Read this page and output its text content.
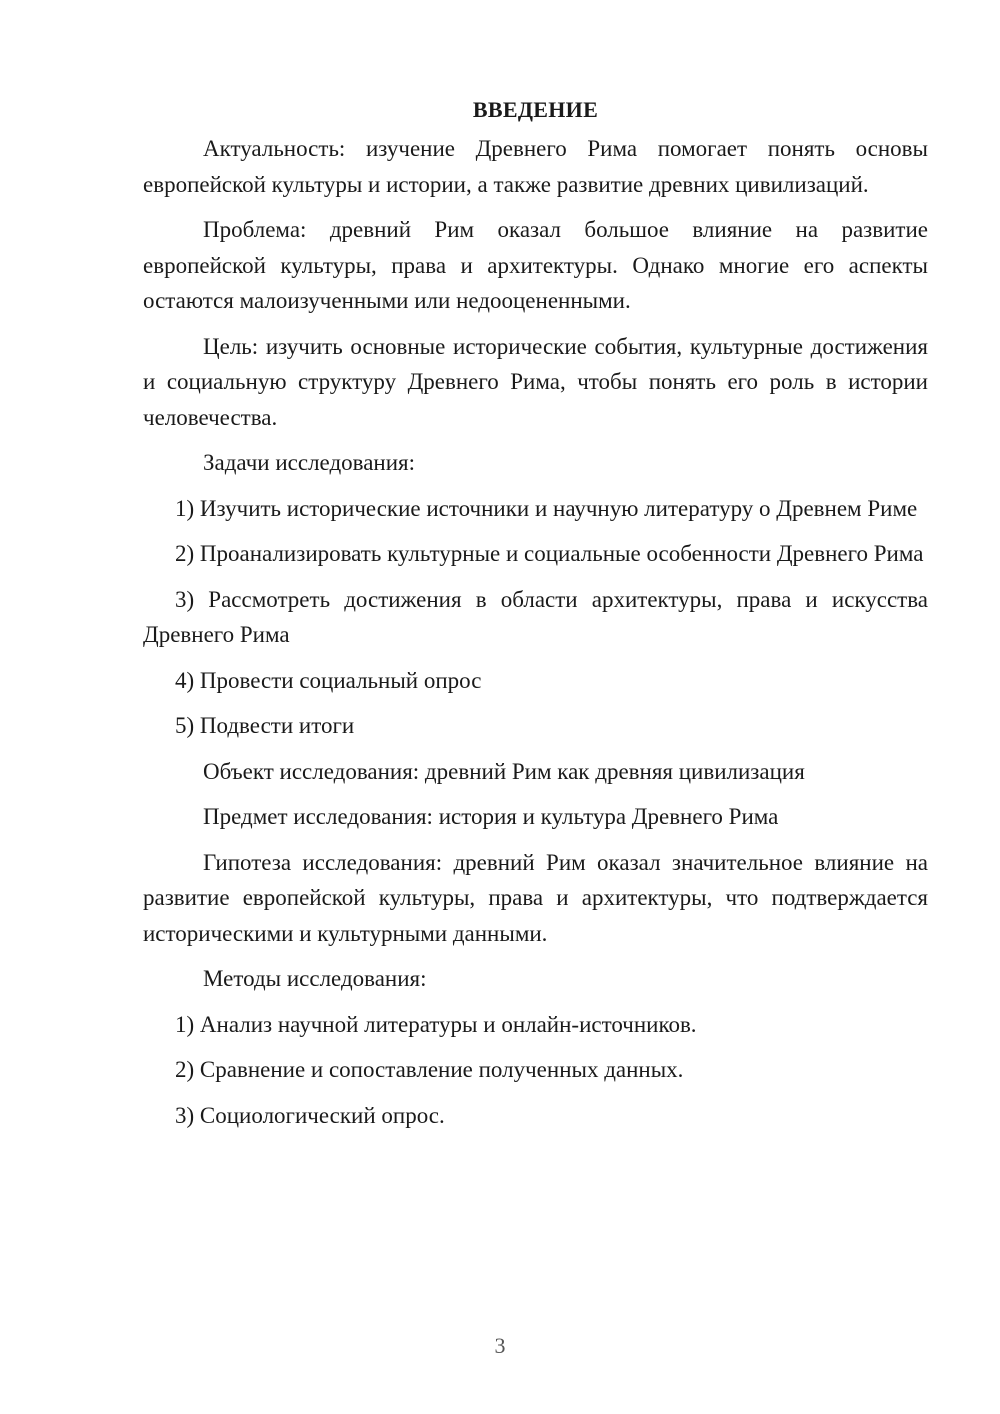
ВВЕДЕНИЕ

Актуальность: изучение Древнего Рима помогает понять основы европейской культуры и истории, а также развитие древних цивилизаций.

Проблема: древний Рим оказал большое влияние на развитие европейской культуры, права и архитектуры. Однако многие его аспекты остаются малоизученными или недооцененными.

Цель: изучить основные исторические события, культурные достижения и социальную структуру Древнего Рима, чтобы понять его роль в истории человечества.

Задачи исследования:

1) Изучить исторические источники и научную литературу о Древнем Риме

2) Проанализировать культурные и социальные особенности Древнего Рима

3) Рассмотреть достижения в области архитектуры, права и искусства Древнего Рима

4) Провести социальный опрос

5) Подвести итоги

Объект исследования: древний Рим как древняя цивилизация

Предмет исследования: история и культура Древнего Рима

Гипотеза исследования: древний Рим оказал значительное влияние на развитие европейской культуры, права и архитектуры, что подтверждается историческими и культурными данными.

Методы исследования:

1) Анализ научной литературы и онлайн-источников.

2) Сравнение и сопоставление полученных данных.

3) Социологический опрос.

3
